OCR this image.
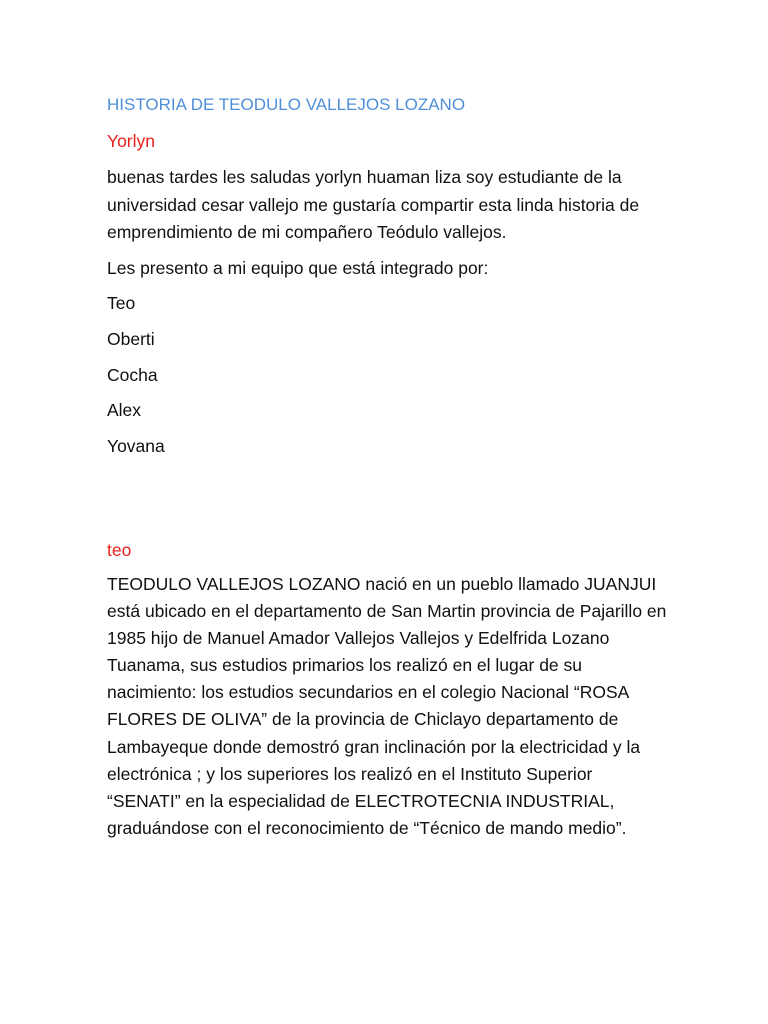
HISTORIA DE TEODULO VALLEJOS LOZANO

Yorlyn

buenas tardes les saludas yorlyn huaman liza soy estudiante de la universidad cesar vallejo me gustaría compartir esta linda historia de emprendimiento de mi compañero Teódulo vallejos.

Les presento a mi equipo que está integrado por:

Teo
Oberti
Cocha
Alex
Yovana

teo

TEODULO VALLEJOS LOZANO nació en un pueblo llamado JUANJUI está ubicado en el departamento de San Martin provincia de Pajarillo en 1985 hijo de Manuel Amador Vallejos Vallejos y Edelfrida Lozano Tuanama, sus estudios primarios los realizó en el lugar de su nacimiento: los estudios secundarios en el colegio Nacional “ROSA FLORES DE OLIVA” de la provincia de Chiclayo departamento de Lambayeque donde demostró gran inclinación por la electricidad y la electrónica ; y los superiores los realizó en el Instituto Superior “SENATI” en la especialidad de ELECTROTECNIA INDUSTRIAL, graduándose con el reconocimiento de “Técnico de mando medio”.
